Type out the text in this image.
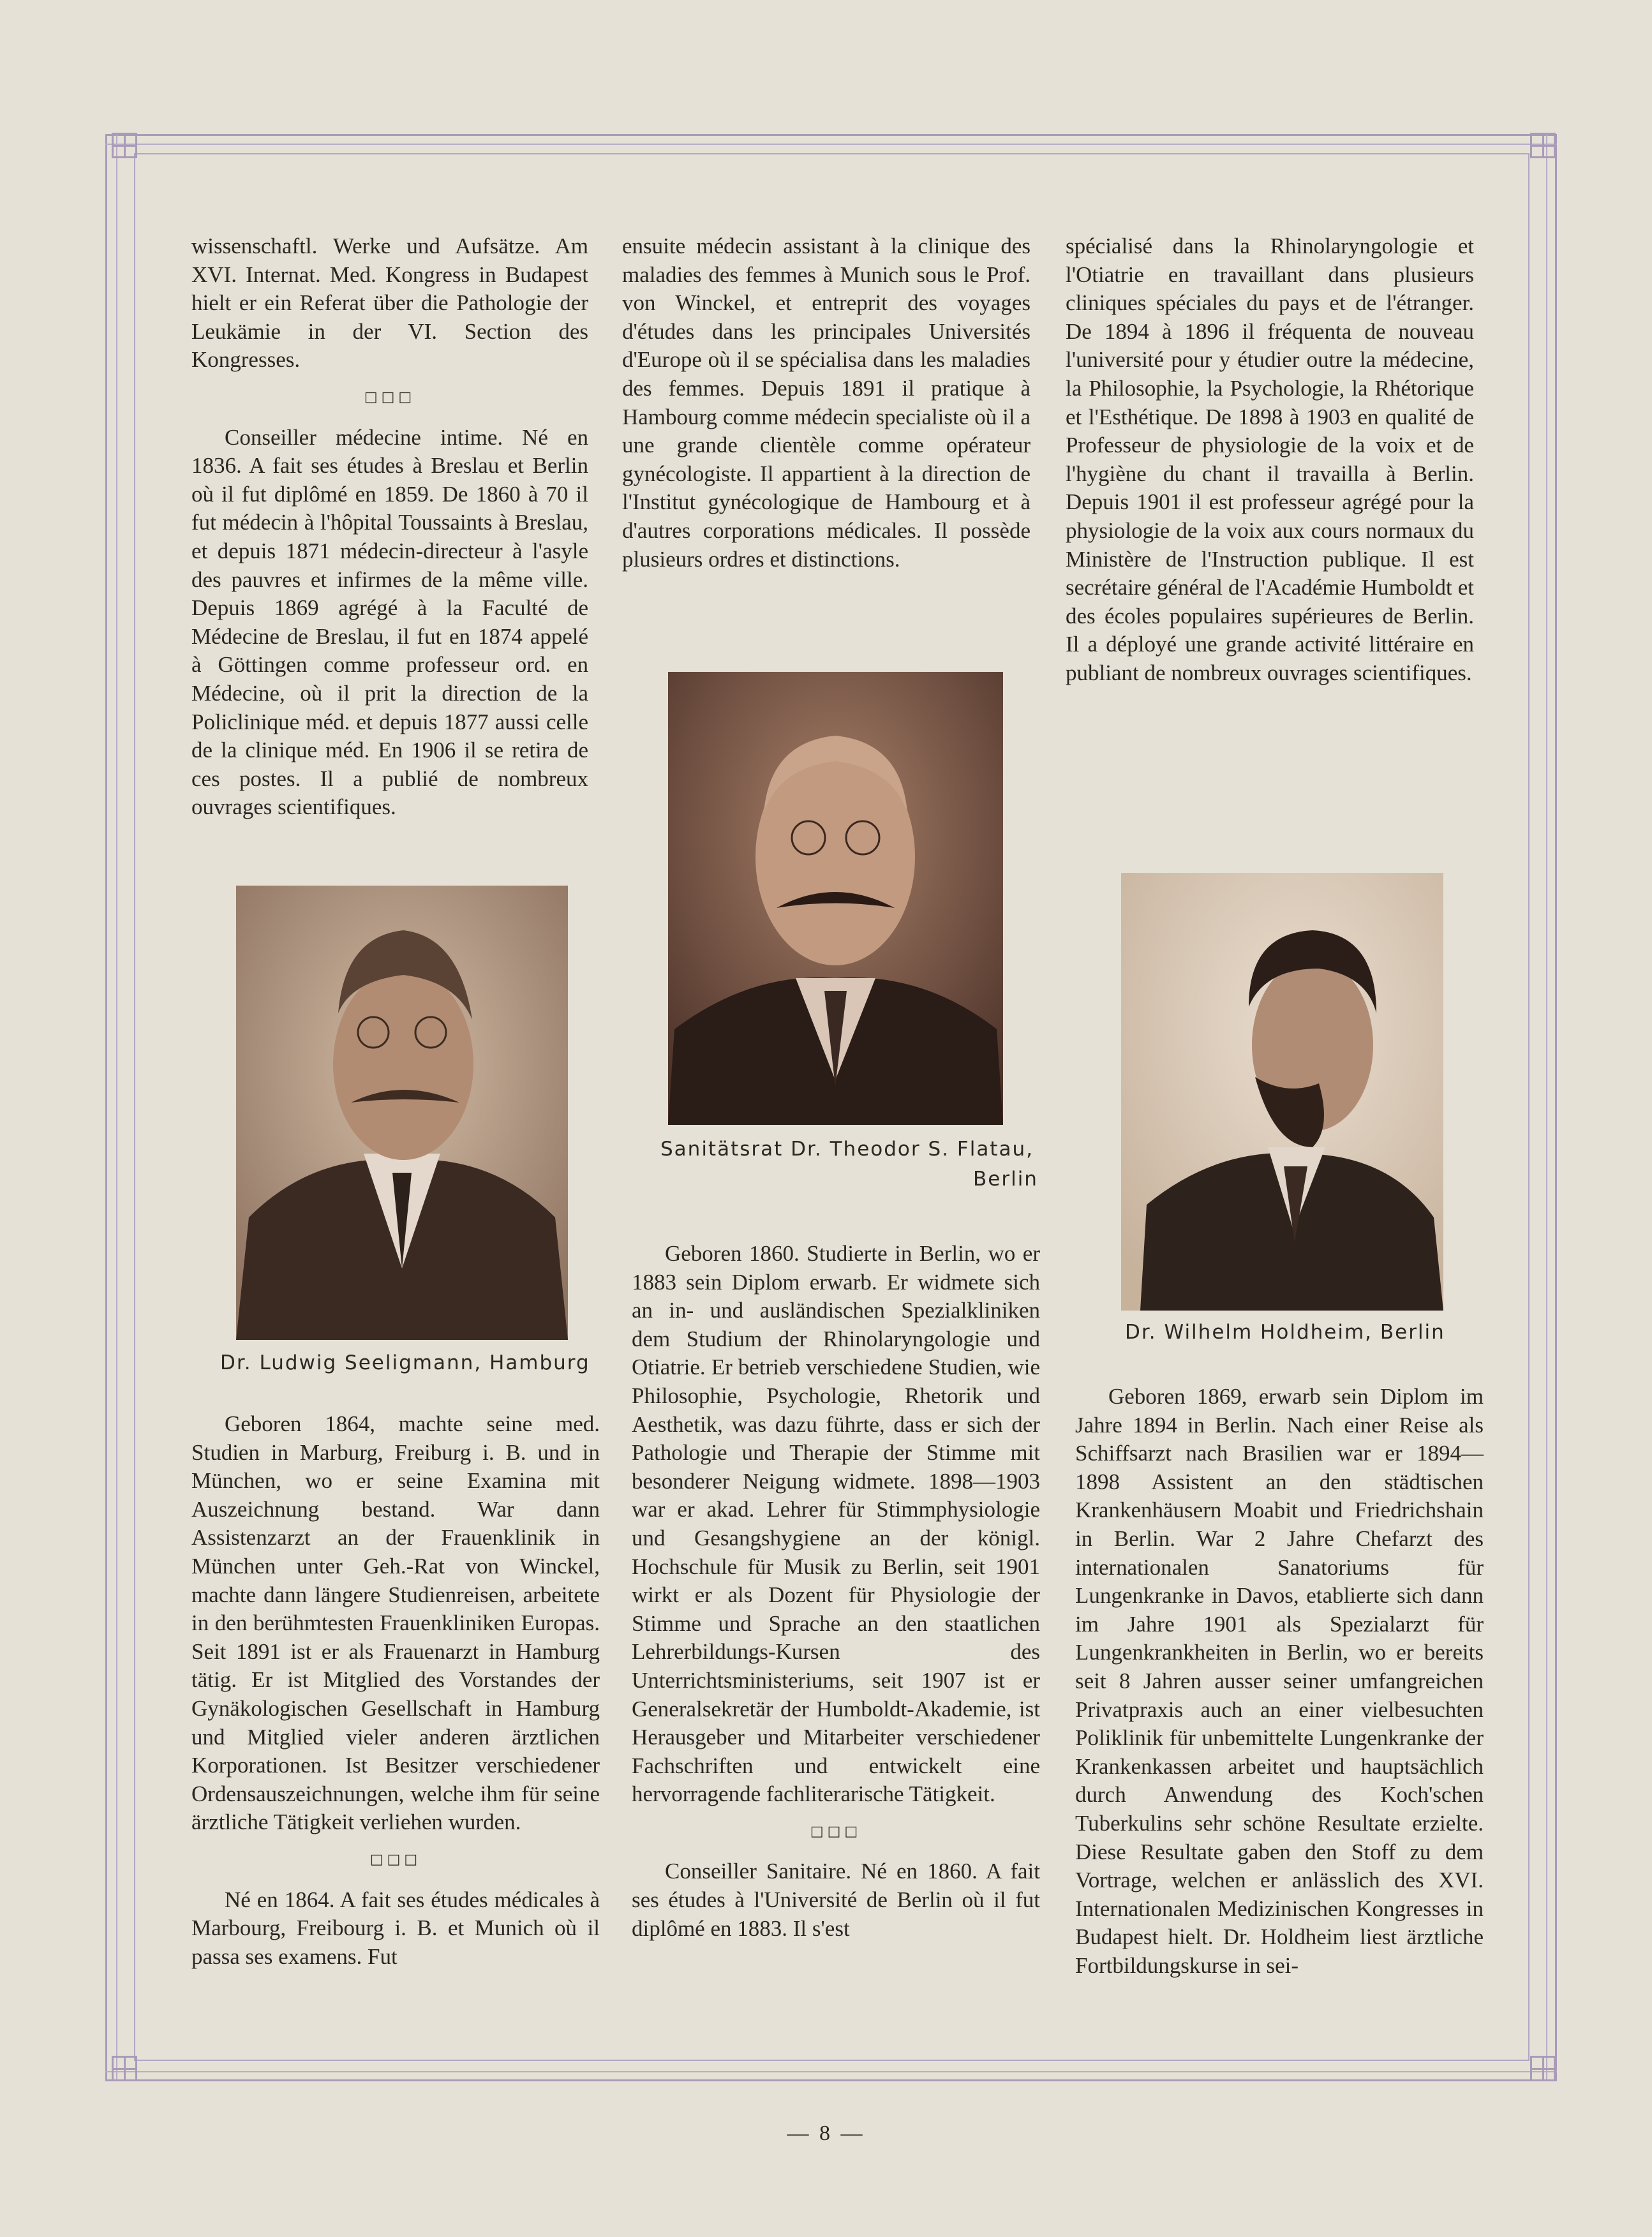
wissenschaftl. Werke und Aufsätze. Am XVI. Internat. Med. Kongress in Budapest hielt er ein Referat über die Pathologie der Leukämie in der VI. Section des Kongresses.

□□□

Conseiller médecine intime. Né en 1836. A fait ses études à Breslau et Berlin où il fut diplômé en 1859. De 1860 à 70 il fut médecin à l'hôpital Toussaints à Breslau, et depuis 1871 médecin-directeur à l'asyle des pauvres et infirmes de la même ville. Depuis 1869 agrégé à la Faculté de Médecine de Breslau, il fut en 1874 appelé à Göttingen comme professeur ord. en Médecine, où il prit la direction de la Policlinique méd. et depuis 1877 aussi celle de la clinique méd. En 1906 il se retira de ces postes. Il a publié de nombreux ouvrages scientifiques.

Dr. Ludwig Seeligmann, Hamburg

Geboren 1864, machte seine med. Studien in Marburg, Freiburg i. B. und in München, wo er seine Examina mit Auszeichnung bestand. War dann Assistenzarzt an der Frauenklinik in München unter Geh.-Rat von Winckel, machte dann längere Studienreisen, arbeitete in den berühmtesten Frauenkliniken Europas. Seit 1891 ist er als Frauenarzt in Hamburg tätig. Er ist Mitglied des Vorstandes der Gynäkologischen Gesellschaft in Hamburg und Mitglied vieler anderen ärztlichen Korporationen. Ist Besitzer verschiedener Ordensauszeichnungen, welche ihm für seine ärztliche Tätigkeit verliehen wurden.

□□□

Né en 1864. A fait ses études médicales à Marbourg, Freibourg i. B. et Munich où il passa ses examens. Fut

ensuite médecin assistant à la clinique des maladies des femmes à Munich sous le Prof. von Winckel, et entreprit des voyages d'études dans les principales Universités d'Europe où il se spécialisa dans les maladies des femmes. Depuis 1891 il pratique à Hambourg comme médecin specialiste où il a une grande clientèle comme opérateur gynécologiste. Il appartient à la direction de l'Institut gynécologique de Hambourg et à d'autres corporations médicales. Il possède plusieurs ordres et distinctions.

Sanitätsrat Dr. Theodor S. Flatau,
Berlin

Geboren 1860. Studierte in Berlin, wo er 1883 sein Diplom erwarb. Er widmete sich an in- und ausländischen Spezialkliniken dem Studium der Rhinolaryngologie und Otiatrie. Er betrieb verschiedene Studien, wie Philosophie, Psychologie, Rhetorik und Aesthetik, was dazu führte, dass er sich der Pathologie und Therapie der Stimme mit besonderer Neigung widmete. 1898—1903 war er akad. Lehrer für Stimmphysiologie und Gesangshygiene an der königl. Hochschule für Musik zu Berlin, seit 1901 wirkt er als Dozent für Physiologie der Stimme und Sprache an den staatlichen Lehrerbildungs-Kursen des Unterrichtsministeriums, seit 1907 ist er Generalsekretär der Humboldt-Akademie, ist Herausgeber und Mitarbeiter verschiedener Fachschriften und entwickelt eine hervorragende fachliterarische Tätigkeit.

□□□

Conseiller Sanitaire. Né en 1860. A fait ses études à l'Université de Berlin où il fut diplômé en 1883. Il s'est

spécialisé dans la Rhinolaryngologie et l'Otiatrie en travaillant dans plusieurs cliniques spéciales du pays et de l'étranger. De 1894 à 1896 il fréquenta de nouveau l'université pour y étudier outre la médecine, la Philosophie, la Psychologie, la Rhétorique et l'Esthétique. De 1898 à 1903 en qualité de Professeur de physiologie de la voix et de l'hygiène du chant il travailla à Berlin. Depuis 1901 il est professeur agrégé pour la physiologie de la voix aux cours normaux du Ministère de l'Instruction publique. Il est secrétaire général de l'Académie Humboldt et des écoles populaires supérieures de Berlin. Il a déployé une grande activité littéraire en publiant de nombreux ouvrages scientifiques.

Dr. Wilhelm Holdheim, Berlin

Geboren 1869, erwarb sein Diplom im Jahre 1894 in Berlin. Nach einer Reise als Schiffsarzt nach Brasilien war er 1894—1898 Assistent an den städtischen Krankenhäusern Moabit und Friedrichshain in Berlin. War 2 Jahre Chefarzt des internationalen Sanatoriums für Lungenkranke in Davos, etablierte sich dann im Jahre 1901 als Spezialarzt für Lungenkrankheiten in Berlin, wo er bereits seit 8 Jahren ausser seiner umfangreichen Privatpraxis auch an einer vielbesuchten Poliklinik für unbemittelte Lungenkranke der Krankenkassen arbeitet und hauptsächlich durch Anwendung des Koch'schen Tuberkulins sehr schöne Resultate erzielte. Diese Resultate gaben den Stoff zu dem Vortrage, welchen er anlässlich des XVI. Internationalen Medizinischen Kongresses in Budapest hielt. Dr. Holdheim liest ärztliche Fortbildungskurse in sei-

— 8 —
